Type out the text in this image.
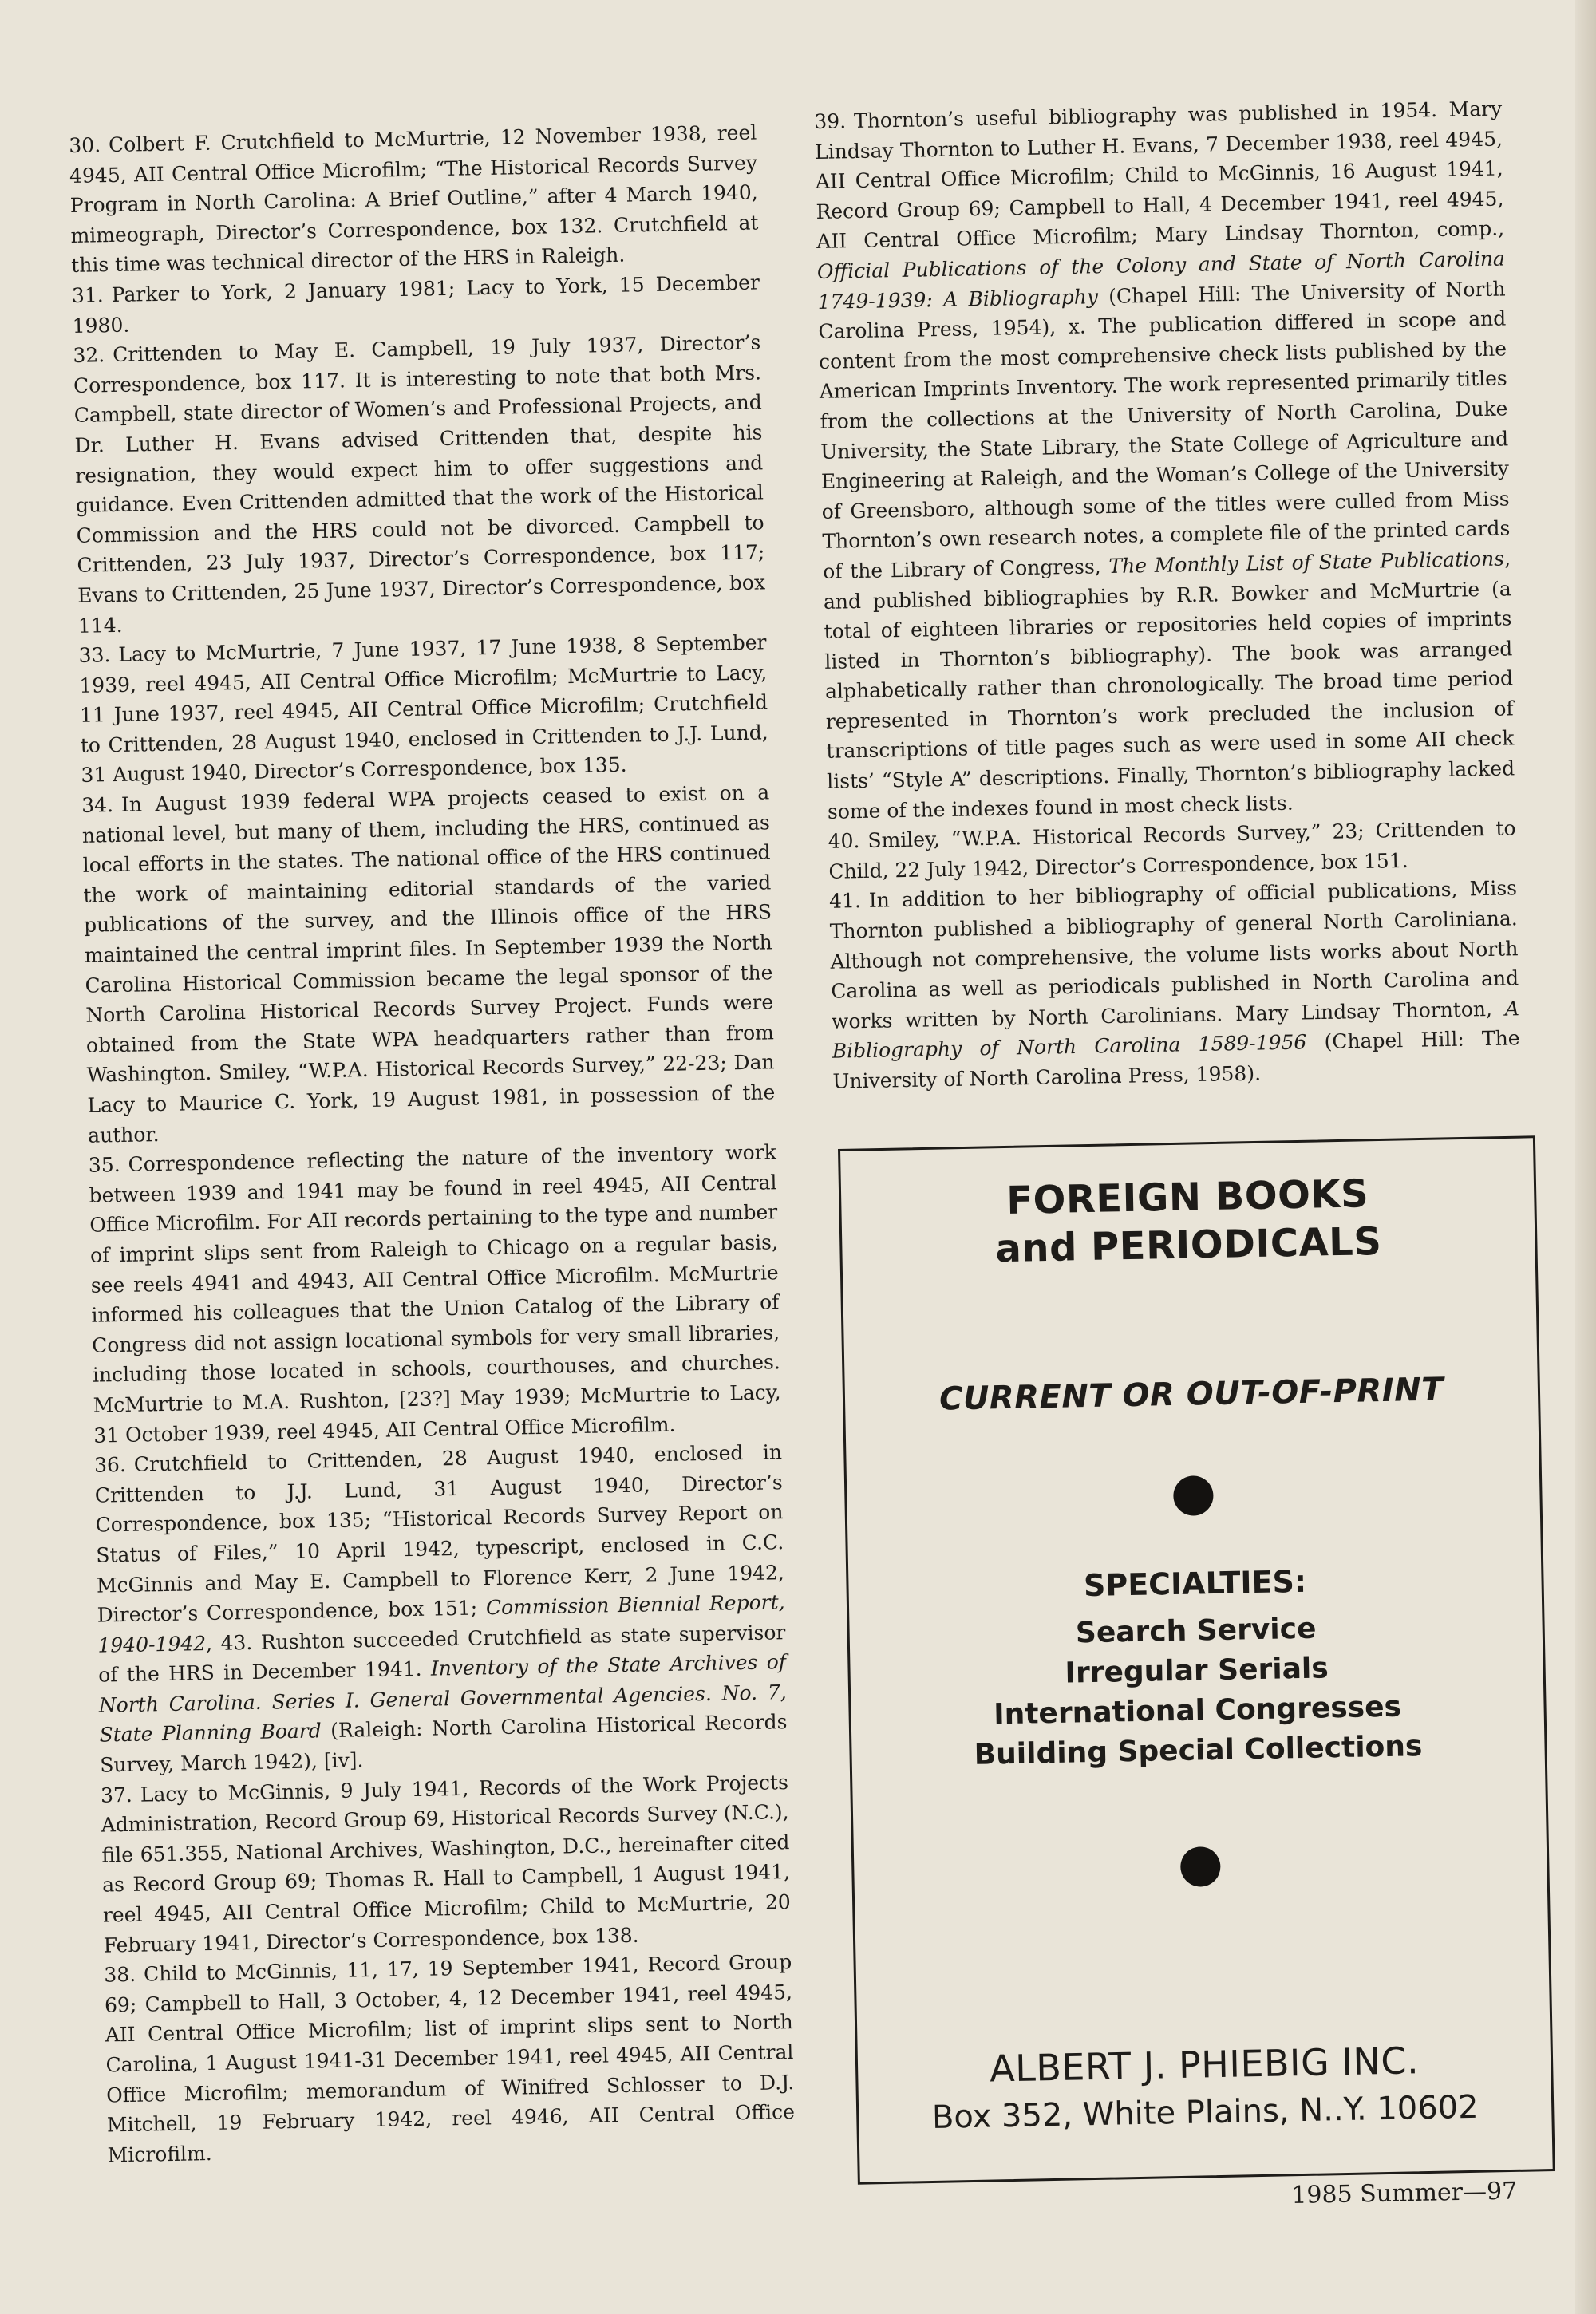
30. Colbert F. Crutchfield to McMurtrie, 12 November 1938, reel 4945, AII Central Office Microfilm; “The Historical Records Survey Program in North Carolina: A Brief Outline,” after 4 March 1940, mimeograph, Director’s Correspondence, box 132. Crutchfield at this time was technical director of the HRS in Raleigh.

31. Parker to York, 2 January 1981; Lacy to York, 15 December 1980.

32. Crittenden to May E. Campbell, 19 July 1937, Director’s Correspondence, box 117. It is interesting to note that both Mrs. Campbell, state director of Women’s and Professional Projects, and Dr. Luther H. Evans advised Crittenden that, despite his resignation, they would expect him to offer suggestions and guidance. Even Crittenden admitted that the work of the Historical Commission and the HRS could not be divorced. Campbell to Crittenden, 23 July 1937, Director’s Correspondence, box 117; Evans to Crittenden, 25 June 1937, Director’s Correspondence, box 114.

33. Lacy to McMurtrie, 7 June 1937, 17 June 1938, 8 September 1939, reel 4945, AII Central Office Microfilm; McMurtrie to Lacy, 11 June 1937, reel 4945, AII Central Office Microfilm; Crutchfield to Crittenden, 28 August 1940, enclosed in Crittenden to J.J. Lund, 31 August 1940, Director’s Correspondence, box 135.

34. In August 1939 federal WPA projects ceased to exist on a national level, but many of them, including the HRS, continued as local efforts in the states. The national office of the HRS continued the work of maintaining editorial standards of the varied publications of the survey, and the Illinois office of the HRS maintained the central imprint files. In September 1939 the North Carolina Historical Commission became the legal sponsor of the North Carolina Historical Records Survey Project. Funds were obtained from the State WPA headquarters rather than from Washington. Smiley, “W.P.A. Historical Records Survey,” 22-23; Dan Lacy to Maurice C. York, 19 August 1981, in possession of the author.

35. Correspondence reflecting the nature of the inventory work between 1939 and 1941 may be found in reel 4945, AII Central Office Microfilm. For AII records pertaining to the type and number of imprint slips sent from Raleigh to Chicago on a regular basis, see reels 4941 and 4943, AII Central Office Microfilm. McMurtrie informed his colleagues that the Union Catalog of the Library of Congress did not assign locational symbols for very small libraries, including those located in schools, courthouses, and churches. McMurtrie to M.A. Rushton, [23?] May 1939; McMurtrie to Lacy, 31 October 1939, reel 4945, AII Central Office Microfilm.

36. Crutchfield to Crittenden, 28 August 1940, enclosed in Crittenden to J.J. Lund, 31 August 1940, Director’s Correspondence, box 135; “Historical Records Survey Report on Status of Files,” 10 April 1942, typescript, enclosed in C.C. McGinnis and May E. Campbell to Florence Kerr, 2 June 1942, Director’s Correspondence, box 151; Commission Biennial Report, 1940-1942, 43. Rushton succeeded Crutchfield as state supervisor of the HRS in December 1941. Inventory of the State Archives of North Carolina. Series I. General Governmental Agencies. No. 7, State Planning Board (Raleigh: North Carolina Historical Records Survey, March 1942), [iv].

37. Lacy to McGinnis, 9 July 1941, Records of the Work Projects Administration, Record Group 69, Historical Records Survey (N.C.), file 651.355, National Archives, Washington, D.C., hereinafter cited as Record Group 69; Thomas R. Hall to Campbell, 1 August 1941, reel 4945, AII Central Office Microfilm; Child to McMurtrie, 20 February 1941, Director’s Correspondence, box 138.

38. Child to McGinnis, 11, 17, 19 September 1941, Record Group 69; Campbell to Hall, 3 October, 4, 12 December 1941, reel 4945, AII Central Office Microfilm; list of imprint slips sent to North Carolina, 1 August 1941-31 December 1941, reel 4945, AII Central Office Microfilm; memorandum of Winifred Schlosser to D.J. Mitchell, 19 February 1942, reel 4946, AII Central Office Microfilm.

39. Thornton’s useful bibliography was published in 1954. Mary Lindsay Thornton to Luther H. Evans, 7 December 1938, reel 4945, AII Central Office Microfilm; Child to McGinnis, 16 August 1941, Record Group 69; Campbell to Hall, 4 December 1941, reel 4945, AII Central Office Microfilm; Mary Lindsay Thornton, comp., Official Publications of the Colony and State of North Carolina 1749-1939: A Bibliography (Chapel Hill: The University of North Carolina Press, 1954), x. The publication differed in scope and content from the most comprehensive check lists published by the American Imprints Inventory. The work represented primarily titles from the collections at the University of North Carolina, Duke University, the State Library, the State College of Agriculture and Engineering at Raleigh, and the Woman’s College of the University of Greensboro, although some of the titles were culled from Miss Thornton’s own research notes, a complete file of the printed cards of the Library of Congress, The Monthly List of State Publications, and published bibliographies by R.R. Bowker and McMurtrie (a total of eighteen libraries or repositories held copies of imprints listed in Thornton’s bibliography). The book was arranged alphabetically rather than chronologically. The broad time period represented in Thornton’s work precluded the inclusion of transcriptions of title pages such as were used in some AII check lists’ “Style A” descriptions. Finally, Thornton’s bibliography lacked some of the indexes found in most check lists.

40. Smiley, “W.P.A. Historical Records Survey,” 23; Crittenden to Child, 22 July 1942, Director’s Correspondence, box 151.

41. In addition to her bibliography of official publications, Miss Thornton published a bibliography of general North Caroliniana. Although not comprehensive, the volume lists works about North Carolina as well as periodicals published in North Carolina and works written by North Carolinians. Mary Lindsay Thornton, A Bibliography of North Carolina 1589-1956 (Chapel Hill: The University of North Carolina Press, 1958).

FOREIGN BOOKS
and PERIODICALS
CURRENT OR OUT-OF-PRINT
SPECIALTIES:
Search Service
Irregular Serials
International Congresses
Building Special Collections
ALBERT J. PHIEBIG INC.
Box 352, White Plains, N..Y. 10602
1985 Summer—97
